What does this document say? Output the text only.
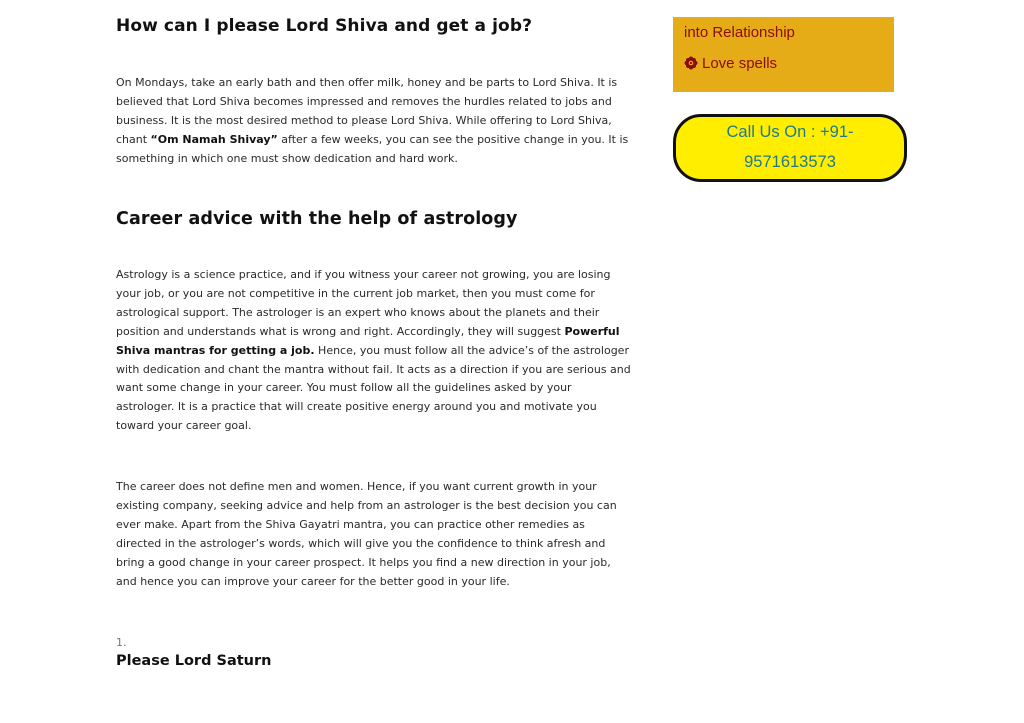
How can I please Lord Shiva and get a job?

On Mondays, take an early bath and then offer milk, honey and be parts to Lord Shiva. It is believed that Lord Shiva becomes impressed and removes the hurdles related to jobs and business. It is the most desired method to please Lord Shiva. While offering to Lord Shiva, chant “Om Namah Shivay” after a few weeks, you can see the positive change in you. It is something in which one must show dedication and hard work.

Career advice with the help of astrology

Astrology is a science practice, and if you witness your career not growing, you are losing your job, or you are not competitive in the current job market, then you must come for astrological support. The astrologer is an expert who knows about the planets and their position and understands what is wrong and right. Accordingly, they will suggest Powerful Shiva mantras for getting a job. Hence, you must follow all the advice’s of the astrologer with dedication and chant the mantra without fail. It acts as a direction if you are serious and want some change in your career. You must follow all the guidelines asked by your astrologer. It is a practice that will create positive energy around you and motivate you toward your career goal.

The career does not define men and women. Hence, if you want current growth in your existing company, seeking advice and help from an astrologer is the best decision you can ever make. Apart from the Shiva Gayatri mantra, you can practice other remedies as directed in the astrologer’s words, which will give you the confidence to think afresh and bring a good change in your career prospect. It helps you find a new direction in your job, and hence you can improve your career for the better good in your life.

1.
Please Lord Saturn
into Relationship
Love spells
Call Us On : +91-
9571613573
